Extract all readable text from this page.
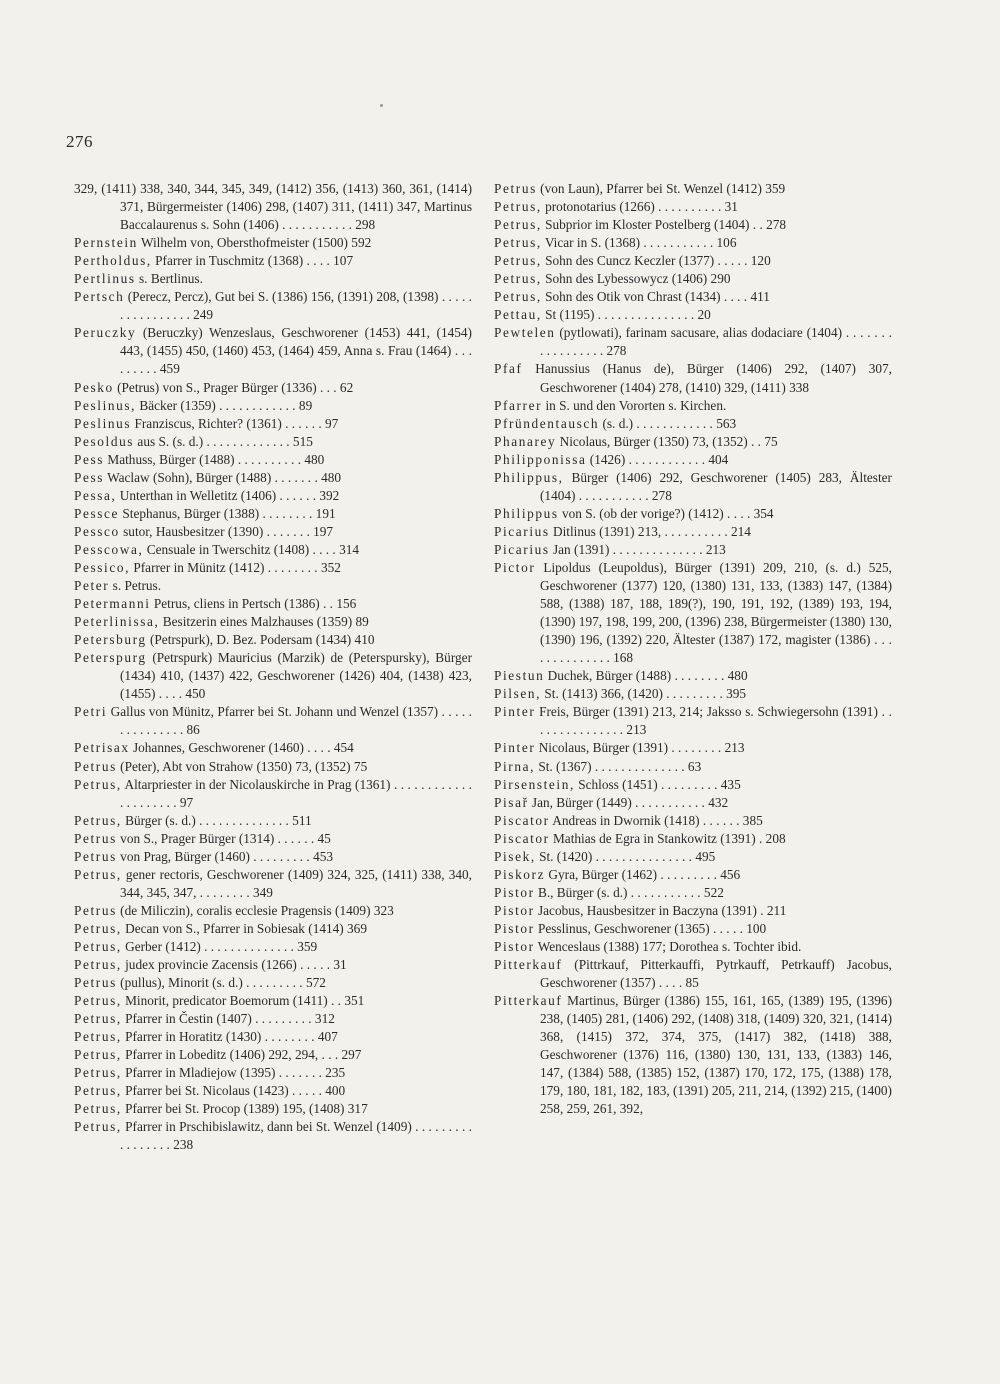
276
329, (1411) 338, 340, 344, 345, 349, (1412) 356, (1413) 360, 361, (1414) 371, Bürgermeister (1406) 298, (1407) 311, (1411) 347, Martinus Baccalaurenus s. Sohn (1406) . . . . . . . . . . . 298
Pernstein Wilhelm von, Obersthofmeister (1500) 592
Pertholdus, Pfarrer in Tuschmitz (1368) . . . . 107
Pertlinus s. Bertlinus.
Pertsch (Perecz, Percz), Gut bei S. (1386) 156, (1391) 208, (1398) . . . . . . . . . . . . . . . . 249
Peruczky (Beruczky) Wenzeslaus, Geschworener (1453) 441, (1454) 443, (1455) 450, (1460) 453, (1464) 459, Anna s. Frau (1464) . . . . . . . . . 459
Pesko (Petrus) von S., Prager Bürger (1336) . . . 62
Peslinus, Bäcker (1359) . . . . . . . . . . . . 89
Peslinus Franziscus, Richter? (1361) . . . . . . 97
Pesoldus aus S. (s. d.) . . . . . . . . . . . . . 515
Pess Mathuss, Bürger (1488) . . . . . . . . . . 480
Pess Waclaw (Sohn), Bürger (1488) . . . . . . . 480
Pessa, Unterthan in Welletitz (1406) . . . . . . 392
Pessce Stephanus, Bürger (1388) . . . . . . . . 191
Pessco sutor, Hausbesitzer (1390) . . . . . . . 197
Pesscowa, Censuale in Twerschitz (1408) . . . . 314
Pessico, Pfarrer in Münitz (1412) . . . . . . . . 352
Peter s. Petrus.
Petermanni Petrus, cliens in Pertsch (1386) . . 156
Peterlinissa, Besitzerin eines Malzhauses (1359) 89
Petersburg (Petrspurk), D. Bez. Podersam (1434) 410
Peterspurg (Petrspurk) Mauricius (Marzik) de (Peterspursky), Bürger (1434) 410, (1437) 422, Geschworener (1426) 404, (1438) 423, (1455) . . . . 450
Petri Gallus von Münitz, Pfarrer bei St. Johann und Wenzel (1357) . . . . . . . . . . . . . . . 86
Petrisax Johannes, Geschworener (1460) . . . . 454
Petrus (Peter), Abt von Strahow (1350) 73, (1352) 75
Petrus, Altarpriester in der Nicolauskirche in Prag (1361) . . . . . . . . . . . . . . . . . . . . . 97
Petrus, Bürger (s. d.) . . . . . . . . . . . . . . 511
Petrus von S., Prager Bürger (1314) . . . . . . 45
Petrus von Prag, Bürger (1460) . . . . . . . . . 453
Petrus, gener rectoris, Geschworener (1409) 324, 325, (1411) 338, 340, 344, 345, 347, . . . . . . . . 349
Petrus (de Miliczin), coralis ecclesie Pragensis (1409) 323
Petrus, Decan von S., Pfarrer in Sobiesak (1414) 369
Petrus, Gerber (1412) . . . . . . . . . . . . . . 359
Petrus, judex provincie Zacensis (1266) . . . . . 31
Petrus (pullus), Minorit (s. d.) . . . . . . . . . 572
Petrus, Minorit, predicator Boemorum (1411) . . 351
Petrus, Pfarrer in Čestin (1407) . . . . . . . . . 312
Petrus, Pfarrer in Horatitz (1430) . . . . . . . . 407
Petrus, Pfarrer in Lobeditz (1406) 292, 294, . . . 297
Petrus, Pfarrer in Mladiejow (1395) . . . . . . . 235
Petrus, Pfarrer bei St. Nicolaus (1423) . . . . . 400
Petrus, Pfarrer bei St. Procop (1389) 195, (1408) 317
Petrus, Pfarrer in Prschibislawitz, dann bei St. Wenzel (1409) . . . . . . . . . . . . . . . . . 238
Petrus (von Laun), Pfarrer bei St. Wenzel (1412) 359
Petrus, protonotarius (1266) . . . . . . . . . . 31
Petrus, Subprior im Kloster Postelberg (1404) . . 278
Petrus, Vicar in S. (1368) . . . . . . . . . . . 106
Petrus, Sohn des Cuncz Keczler (1377) . . . . . 120
Petrus, Sohn des Lybessowycz (1406) 290
Petrus, Sohn des Otik von Chrast (1434) . . . . 411
Pettau, St (1195) . . . . . . . . . . . . . . . 20
Pewtelen (pytlowati), farinam sacusare, alias dodaciare (1404) . . . . . . . . . . . . . . . . . 278
Pfaf Hanussius (Hanus de), Bürger (1406) 292, (1407) 307, Geschworener (1404) 278, (1410) 329, (1411) 338
Pfarrer in S. und den Vororten s. Kirchen.
Pfründentausch (s. d.) . . . . . . . . . . . . 563
Phanarey Nicolaus, Bürger (1350) 73, (1352) . . 75
Philipponissa (1426) . . . . . . . . . . . . 404
Philippus, Bürger (1406) 292, Geschworener (1405) 283, Ältester (1404) . . . . . . . . . . . 278
Philippus von S. (ob der vorige?) (1412) . . . . 354
Picarius Ditlinus (1391) 213, . . . . . . . . . . 214
Picarius Jan (1391) . . . . . . . . . . . . . . 213
Pictor Lipoldus (Leupoldus), Bürger (1391) 209, 210, (s. d.) 525, Geschworener (1377) 120, (1380) 131, 133, (1383) 147, (1384) 588, (1388) 187, 188, 189(?), 190, 191, 192, (1389) 193, 194, (1390) 197, 198, 199, 200, (1396) 238, Bürgermeister (1380) 130, (1390) 196, (1392) 220, Ältester (1387) 172, magister (1386) . . . . . . . . . . . . . . 168
Piestun Duchek, Bürger (1488) . . . . . . . . 480
Pilsen, St. (1413) 366, (1420) . . . . . . . . . 395
Pinter Freis, Bürger (1391) 213, 214; Jaksso s. Schwiegersohn (1391) . . . . . . . . . . . . . . . 213
Pinter Nicolaus, Bürger (1391) . . . . . . . . 213
Pirna, St. (1367) . . . . . . . . . . . . . . 63
Pirsenstein, Schloss (1451) . . . . . . . . . 435
Pisař Jan, Bürger (1449) . . . . . . . . . . . 432
Piscator Andreas in Dwornik (1418) . . . . . . 385
Piscator Mathias de Egra in Stankowitz (1391) . 208
Pisek, St. (1420) . . . . . . . . . . . . . . . 495
Piskorz Gyra, Bürger (1462) . . . . . . . . . 456
Pistor B., Bürger (s. d.) . . . . . . . . . . . 522
Pistor Jacobus, Hausbesitzer in Baczyna (1391) . 211
Pistor Pesslinus, Geschworener (1365) . . . . . 100
Pistor Wenceslaus (1388) 177; Dorothea s. Tochter ibid.
Pitterkauf (Pittrkauf, Pitterkauffi, Pytrkauff, Petrkauff) Jacobus, Geschworener (1357) . . . . 85
Pitterkauf Martinus, Bürger (1386) 155, 161, 165, (1389) 195, (1396) 238, (1405) 281, (1406) 292, (1408) 318, (1409) 320, 321, (1414) 368, (1415) 372, 374, 375, (1417) 382, (1418) 388, Geschworener (1376) 116, (1380) 130, 131, 133, (1383) 146, 147, (1384) 588, (1385) 152, (1387) 170, 172, 175, (1388) 178, 179, 180, 181, 182, 183, (1391) 205, 211, 214, (1392) 215, (1400) 258, 259, 261, 392,
